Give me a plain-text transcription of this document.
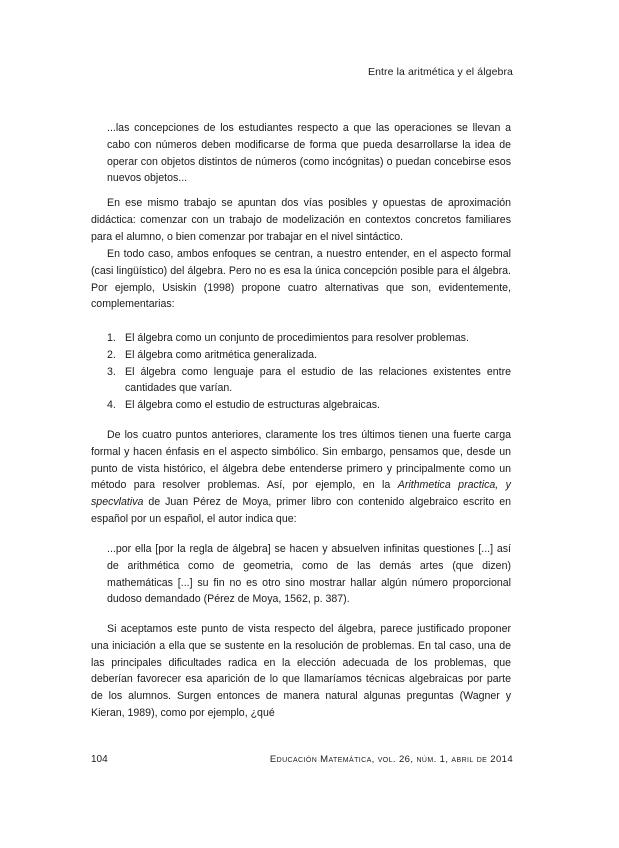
Entre la aritmética y el álgebra

...las concepciones de los estudiantes respecto a que las operaciones se llevan a cabo con números deben modificarse de forma que pueda desarrollarse la idea de operar con objetos distintos de números (como incógnitas) o puedan concebirse esos nuevos objetos...

En ese mismo trabajo se apuntan dos vías posibles y opuestas de aproximación didáctica: comenzar con un trabajo de modelización en contextos concretos familiares para el alumno, o bien comenzar por trabajar en el nivel sintáctico.

En todo caso, ambos enfoques se centran, a nuestro entender, en el aspecto formal (casi lingüístico) del álgebra. Pero no es esa la única concepción posible para el álgebra. Por ejemplo, Usiskin (1998) propone cuatro alternativas que son, evidentemente, complementarias:

1. El álgebra como un conjunto de procedimientos para resolver problemas.
2. El álgebra como aritmética generalizada.
3. El álgebra como lenguaje para el estudio de las relaciones existentes entre cantidades que varían.
4. El álgebra como el estudio de estructuras algebraicas.

De los cuatro puntos anteriores, claramente los tres últimos tienen una fuerte carga formal y hacen énfasis en el aspecto simbólico. Sin embargo, pensamos que, desde un punto de vista histórico, el álgebra debe entenderse primero y principalmente como un método para resolver problemas. Así, por ejemplo, en la Arithmetica practica, y specvlativa de Juan Pérez de Moya, primer libro con contenido algebraico escrito en español por un español, el autor indica que:

...por ella [por la regla de álgebra] se hacen y absuelven infinitas questiones [...] así de arithmética como de geometria, como de las demás artes (que dizen) mathemáticas [...] su fin no es otro sino mostrar hallar algún número proporcional dudoso demandado (Pérez de Moya, 1562, p. 387).

Si aceptamos este punto de vista respecto del álgebra, parece justificado proponer una iniciación a ella que se sustente en la resolución de problemas. En tal caso, una de las principales dificultades radica en la elección adecuada de los problemas, que deberían favorecer esa aparición de lo que llamaríamos técnicas algebraicas por parte de los alumnos. Surgen entonces de manera natural algunas preguntas (Wagner y Kieran, 1989), como por ejemplo, ¿qué

104	Educación Matemática, vol. 26, núm. 1, abril de 2014
